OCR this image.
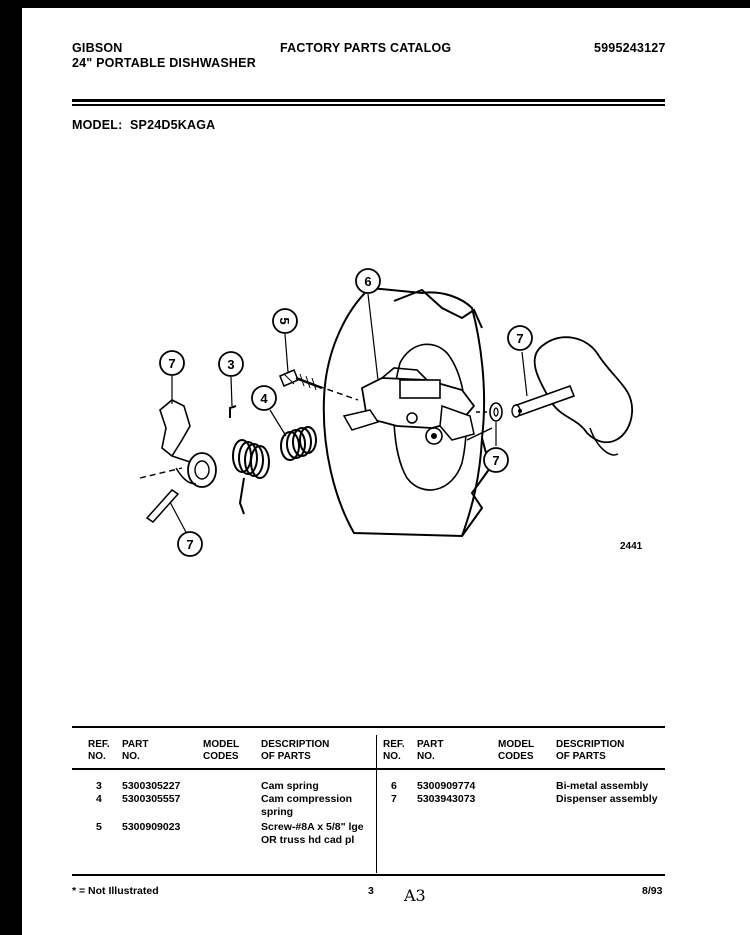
GIBSON
24" PORTABLE DISHWASHER
FACTORY PARTS CATALOG	5995243127
MODEL: SP24D5KAGA
7	3
5
4
6
7
7
7	2441
REF.
NO.
PART
NO.
MODEL
CODES
DESCRIPTION
OF PARTS
REF.
NO.
PART
NO.
MODEL
CODES
DESCRIPTION
OF PARTS
3 5300305227	Cam spring
4 5300305557	Cam compression spring
5 5300909023	Screw-#8A x 5/8" lge OR truss hd cad pl
6 5300909774	Bi-metal assembly
7 5303943073	Dispenser assembly
* = Not Illustrated	3 A3	8/93
